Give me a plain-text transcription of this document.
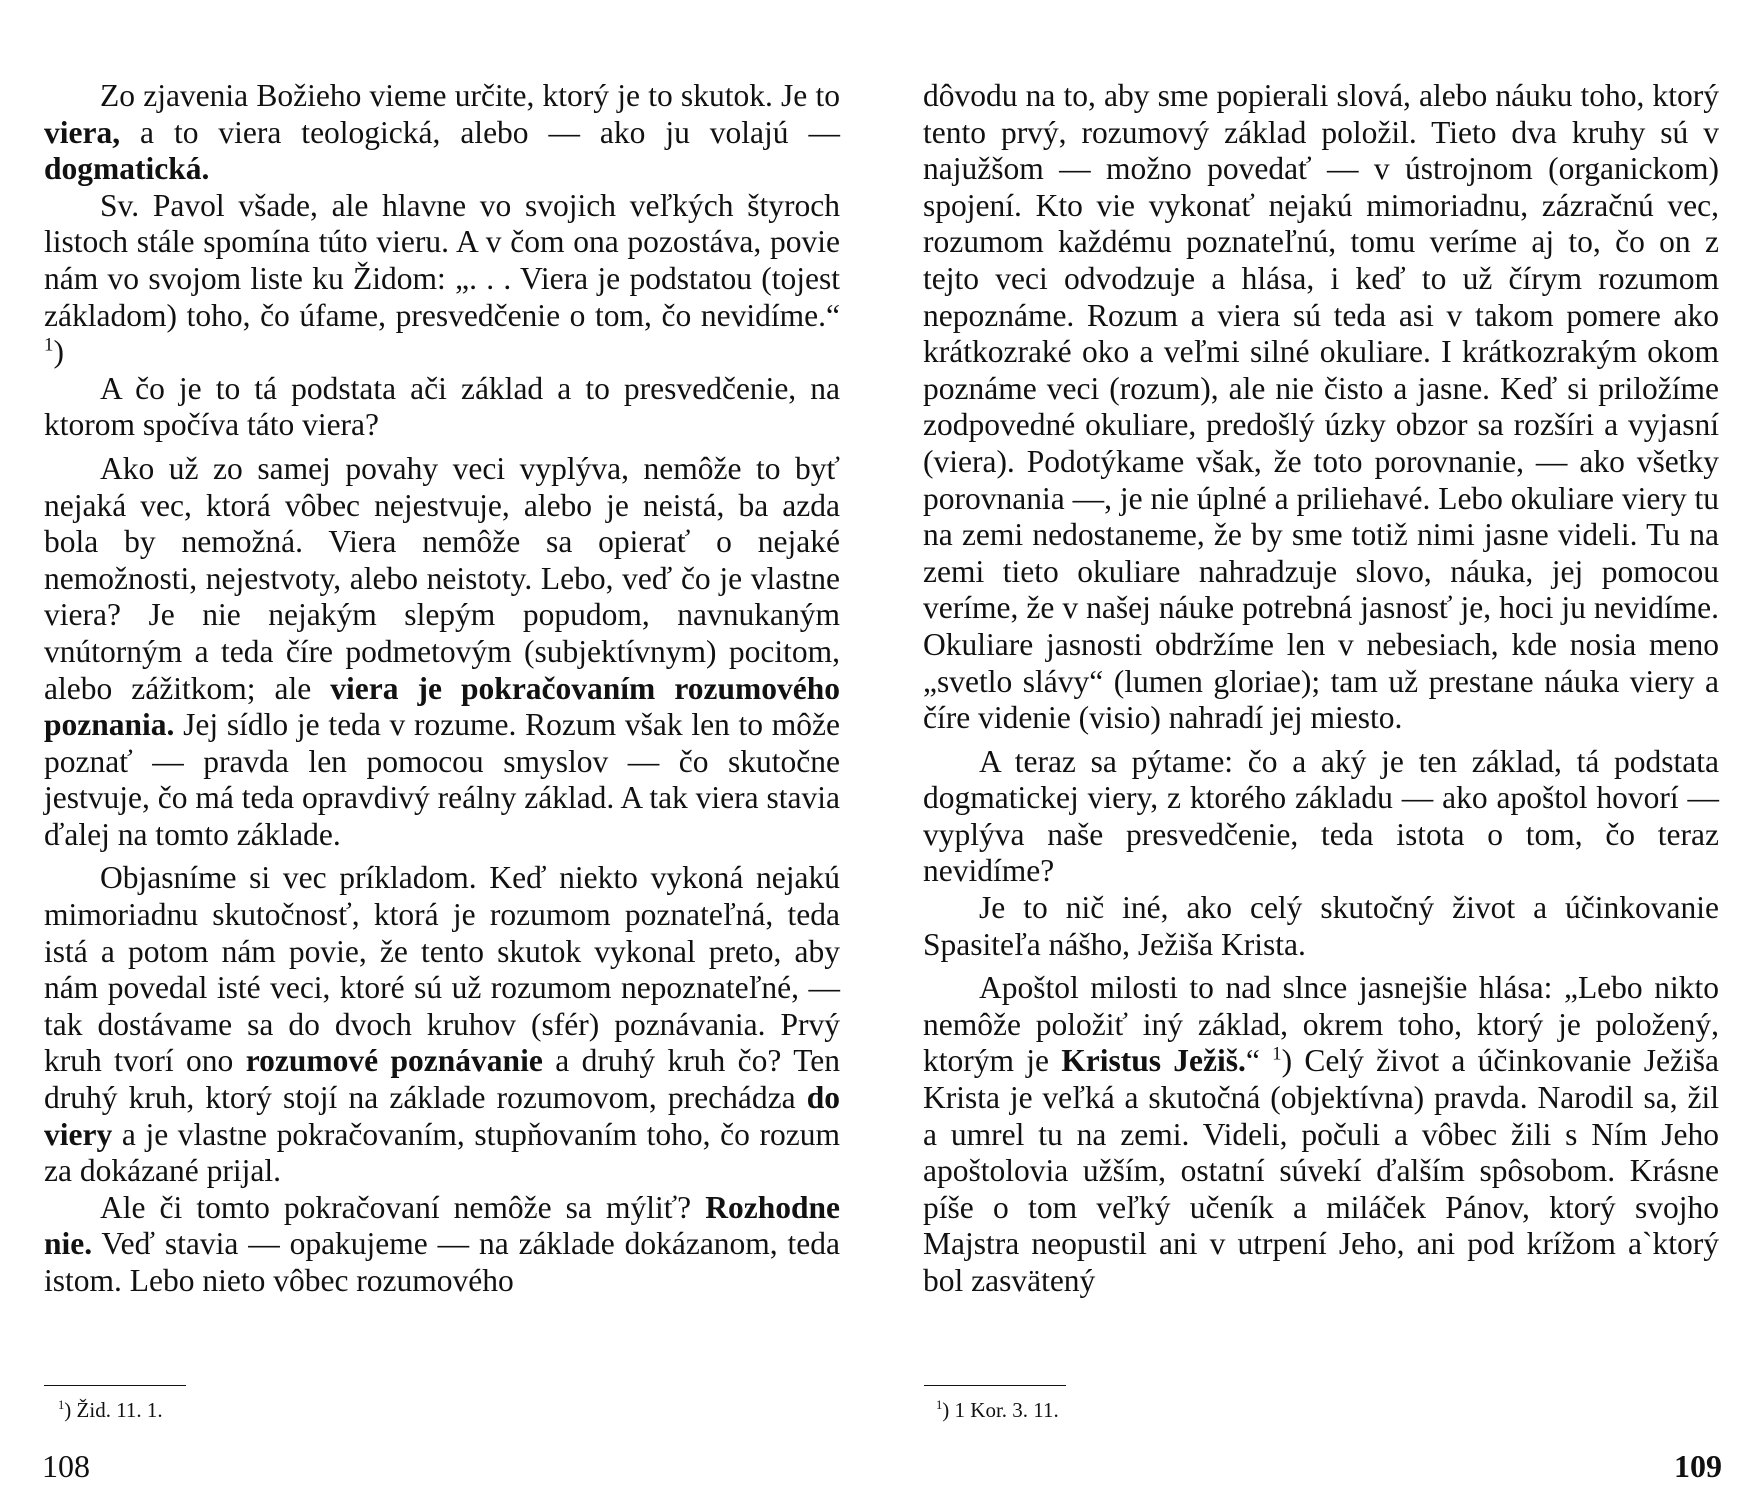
Zo zjavenia Božieho vieme určite, ktorý je to skutok. Je to viera, a to viera teologická, alebo — ako ju volajú — dogmatická.

Sv. Pavol všade, ale hlavne vo svojich veľkých štyroch listoch stále spomína túto vieru. A v čom ona pozostáva, povie nám vo svojom liste ku Židom: „. . . Viera je podstatou (tojest základom) toho, čo úfame, presvedčenie o tom, čo nevidíme.“ $^1$)

A čo je to tá podstata ači základ a to presvedčenie, na ktorom spočíva táto viera?

Ako už zo samej povahy veci vyplýva, nemôže to byť nejaká vec, ktorá vôbec nejestvuje, alebo je neistá, ba azda bola by nemožná. Viera nemôže sa opierať o nejaké nemožnosti, nejestvoty, alebo neistoty. Lebo, veď čo je vlastne viera? Je nie nejakým slepým popudom, navnukaným vnútorným a teda číre podmetovým (subjektívnym) pocitom, alebo zážitkom; ale viera je pokračovaním rozumového poznania. Jej sídlo je teda v rozume. Rozum však len to môže poznať — pravda len pomocou smyslov — čo skutočne jestvuje, čo má teda opravdivý reálny základ. A tak viera stavia ďalej na tomto základe.

Objasníme si vec príkladom. Keď niekto vykoná nejakú mimoriadnu skutočnosť, ktorá je rozumom poznateľná, teda istá a potom nám povie, že tento skutok vykonal preto, aby nám povedal isté veci, ktoré sú už rozumom nepoznateľné, — tak dostávame sa do dvoch kruhov (sfér) poznávania. Prvý kruh tvorí ono rozumové poznávanie a druhý kruh čo? Ten druhý kruh, ktorý stojí na základe rozumovom, prechádza do viery a je vlastne pokračovaním, stupňovaním toho, čo rozum za dokázané prijal.

Ale či tomto pokračovaní nemôže sa mýliť? Rozhodne nie. Veď stavia — opakujeme — na základe dokázanom, teda istom. Lebo nieto vôbec rozumového

$^1$) Žid. 11. 1.
108

dôvodu na to, aby sme popierali slová, alebo náuku toho, ktorý tento prvý, rozumový základ položil. Tieto dva kruhy sú v najužšom — možno povedať — v ústrojnom (organickom) spojení. Kto vie vykonať nejakú mimoriadnu, zázračnú vec, rozumom každému poznateľnú, tomu veríme aj to, čo on z tejto veci odvodzuje a hlása, i keď to už čírym rozumom nepoznáme. Rozum a viera sú teda asi v takom pomere ako krátkozraké oko a veľmi silné okuliare. I krátkozrakým okom poznáme veci (rozum), ale nie čisto a jasne. Keď si priložíme zodpovedné okuliare, predošlý úzky obzor sa rozšíri a vyjasní (viera). Podotýkame však, že toto porovnanie, — ako všetky porovnania —, je nie úplné a priliehavé. Lebo okuliare viery tu na zemi nedostaneme, že by sme totiž nimi jasne videli. Tu na zemi tieto okuliare nahradzuje slovo, náuka, jej pomocou veríme, že v našej náuke potrebná jasnosť je, hoci ju nevidíme. Okuliare jasnosti obdržíme len v nebesiach, kde nosia meno „svetlo slávy“ (lumen gloriae); tam už prestane náuka viery a číre videnie (visio) nahradí jej miesto.

A teraz sa pýtame: čo a aký je ten základ, tá podstata dogmatickej viery, z ktorého základu — ako apoštol hovorí — vyplýva naše presvedčenie, teda istota o tom, čo teraz nevidíme?

Je to nič iné, ako celý skutočný život a účinkovanie Spasiteľa nášho, Ježiša Krista.

Apoštol milosti to nad slnce jasnejšie hlása: „Lebo nikto nemôže položiť iný základ, okrem toho, ktorý je položený, ktorým je Kristus Ježiš.“ $^1$) Celý život a účinkovanie Ježiša Krista je veľká a skutočná (objektívna) pravda. Narodil sa, žil a umrel tu na zemi. Videli, počuli a vôbec žili s Ním Jeho apoštolovia užším, ostatní súvekí ďalším spôsobom. Krásne píše o tom veľký učeník a miláček Pánov, ktorý svojho Majstra neopustil ani v utrpení Jeho, ani pod krížom a`ktorý bol zasvätený

$^1$) 1 Kor. 3. 11.
109
